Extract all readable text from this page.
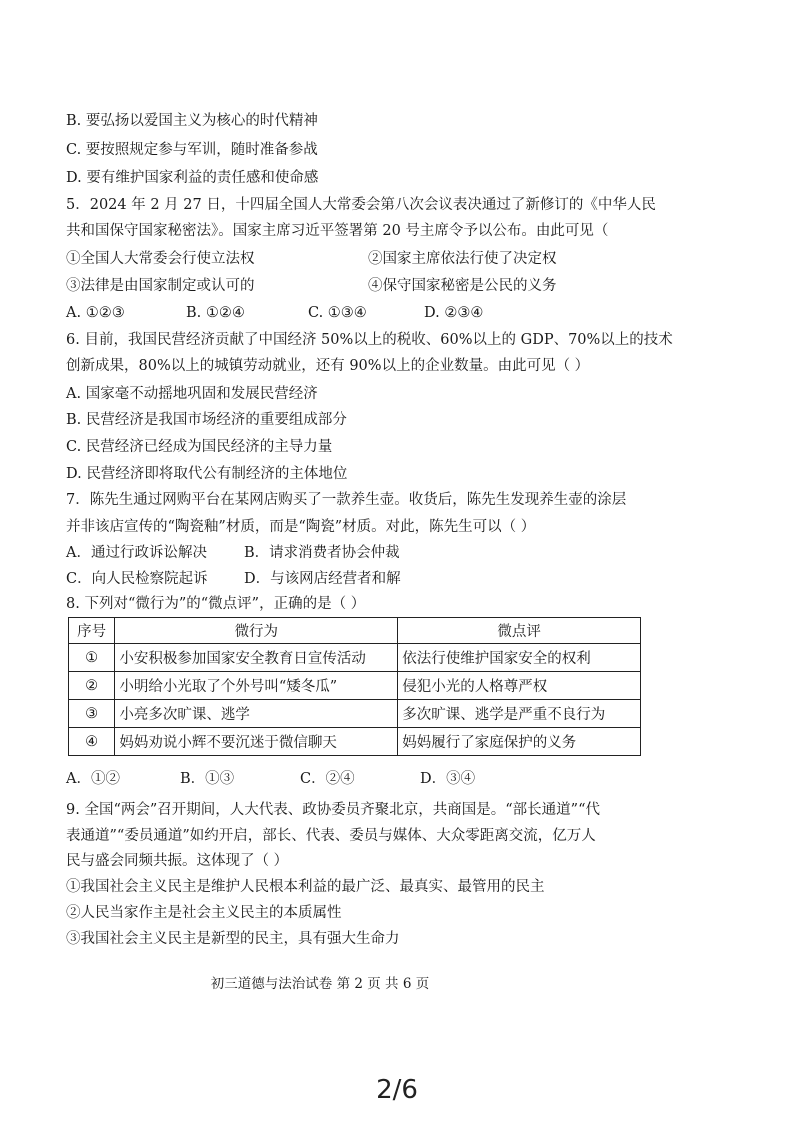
B. 要弘扬以爱国主义为核心的时代精神
C. 要按照规定参与军训，随时准备参战
D. 要有维护国家利益的责任感和使命感
5．2024 年 2 月 27 日，十四届全国人大常委会第八次会议表决通过了新修订的《中华人民
共和国保守国家秘密法》。国家主席习近平签署第 20 号主席令予以公布。由此可见（
①全国人大常委会行使立法权	②国家主席依法行使了决定权
③法律是由国家制定或认可的	④保守国家秘密是公民的义务
A. ①②③	B. ①②④	C. ①③④	D. ②③④
6. 目前，我国民营经济贡献了中国经济 50%以上的税收、60%以上的 GDP、70%以上的技术
创新成果，80%以上的城镇劳动就业，还有 90%以上的企业数量。由此可见（ ）
A. 国家毫不动摇地巩固和发展民营经济
B. 民营经济是我国市场经济的重要组成部分
C. 民营经济已经成为国民经济的主导力量
D. 民营经济即将取代公有制经济的主体地位
7．陈先生通过网购平台在某网店购买了一款养生壶。收货后，陈先生发现养生壶的涂层
并非该店宣传的“陶瓷釉”材质，而是“陶瓷”材质。对此，陈先生可以（ ）
A．通过行政诉讼解决	B．请求消费者协会仲裁
C．向人民检察院起诉	D．与该网店经营者和解
8. 下列对“微行为”的“微点评”，正确的是（ ）
序号	微行为	微点评
①	小安积极参加国家安全教育日宣传活动	依法行使维护国家安全的权利
②	小明给小光取了个外号叫“矮冬瓜”	侵犯小光的人格尊严权
③	小亮多次旷课、逃学	多次旷课、逃学是严重不良行为
④	妈妈劝说小辉不要沉迷于微信聊天	妈妈履行了家庭保护的义务
A．①②	B．①③	C．②④	D．③④
9. 全国“两会”召开期间，人大代表、政协委员齐聚北京，共商国是。“部长通道”“代
表通道”“委员通道”如约开启，部长、代表、委员与媒体、大众零距离交流，亿万人
民与盛会同频共振。这体现了（ ）
①我国社会主义民主是维护人民根本利益的最广泛、最真实、最管用的民主
②人民当家作主是社会主义民主的本质属性
③我国社会主义民主是新型的民主，具有强大生命力
初三道德与法治试卷 第 2 页 共 6 页
2/6
